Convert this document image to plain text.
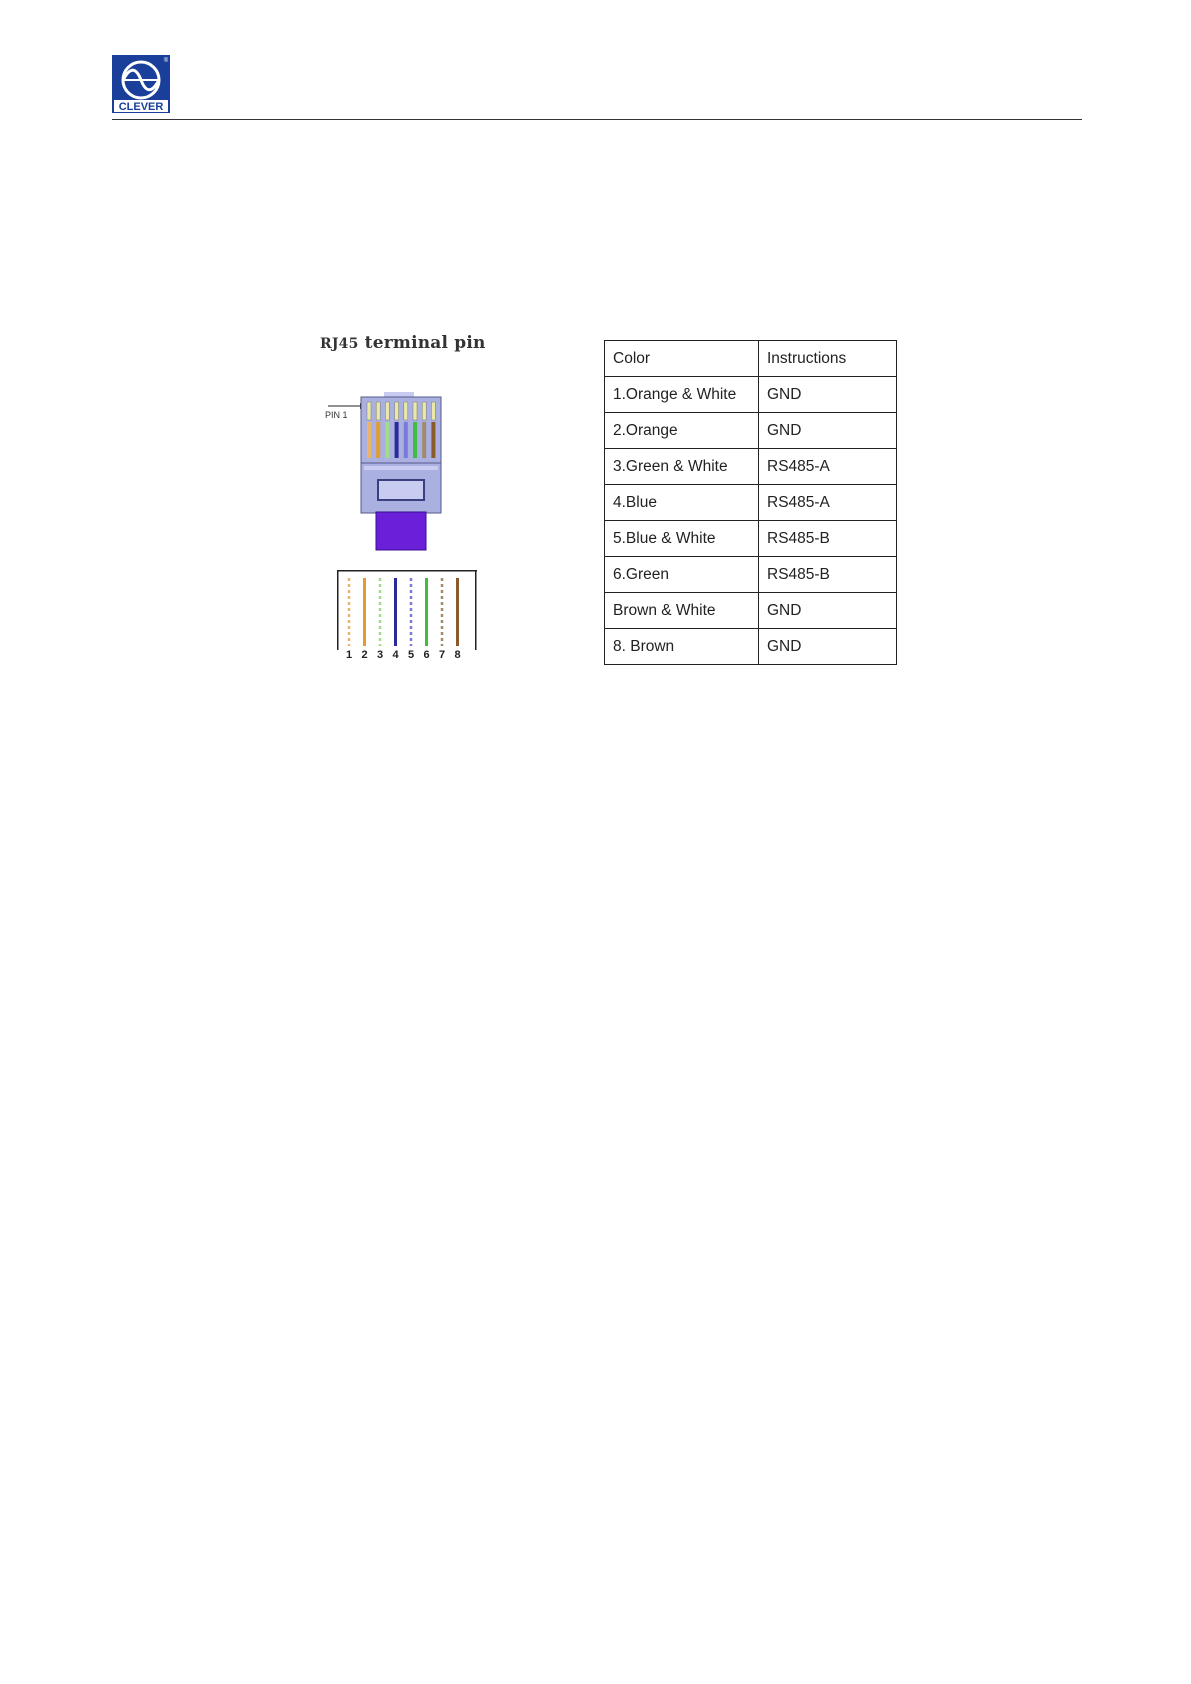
CLEVER
®
RJ45 terminal pin
PIN 1
1 2 3 4 5 6 7 8
Color	Instructions
1.Orange & White	GND
2.Orange	GND
3.Green & White	RS485-A
4.Blue	RS485-A
5.Blue & White	RS485-B
6.Green	RS485-B
Brown & White	GND
8. Brown	GND
